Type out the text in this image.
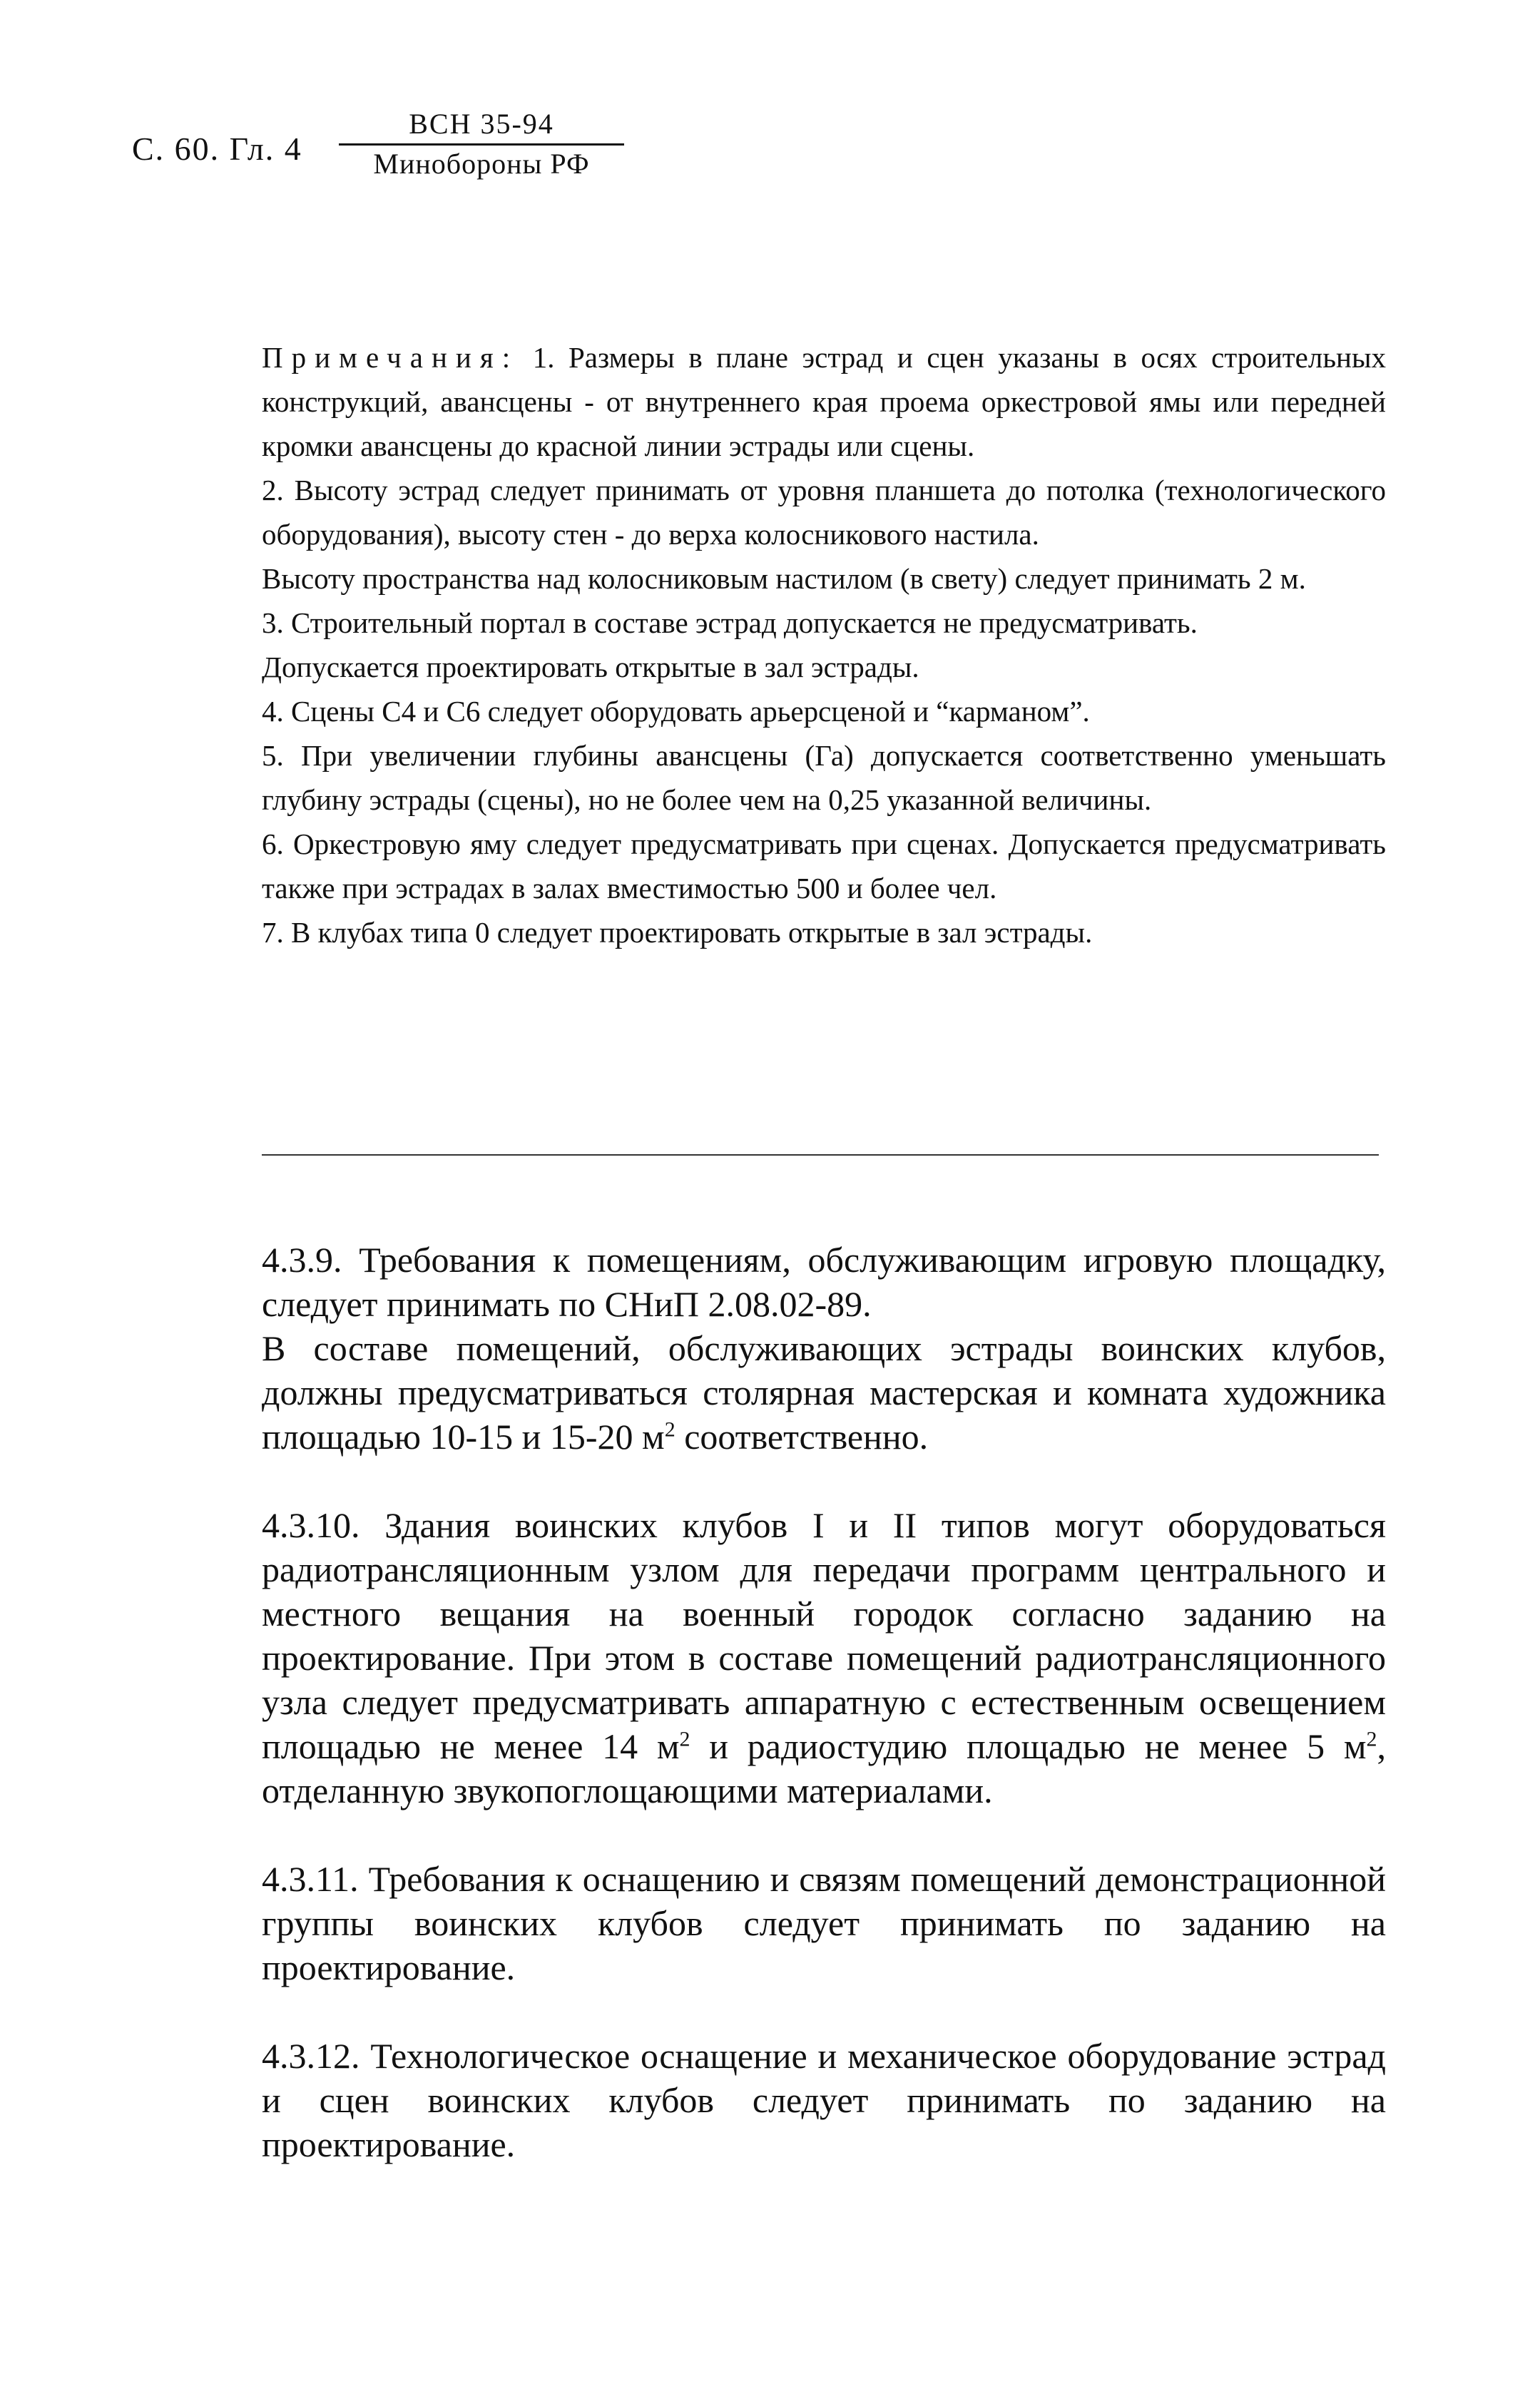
С. 60. Гл. 4
ВСН 35-94
Минобороны РФ

Примечания: 1. Размеры в плане эстрад и сцен указаны в осях строительных конструкций, авансцены - от внутреннего края проема оркестровой ямы или передней кромки авансцены до красной линии эстрады или сцены.

2. Высоту эстрад следует принимать от уровня планшета до потолка (технологического оборудования), высоту стен - до верха колосникового настила.

Высоту пространства над колосниковым настилом (в свету) следует принимать 2 м.

3. Строительный портал в составе эстрад допускается не предусматривать.

Допускается проектировать открытые в зал эстрады.

4. Сцены С4 и С6 следует оборудовать арьерсценой и “карманом”.

5. При увеличении глубины авансцены (Га) допускается соответственно уменьшать глубину эстрады (сцены), но не более чем на 0,25 указанной величины.

6. Оркестровую яму следует предусматривать при сценах. Допускается предусматривать также при эстрадах в залах вместимостью 500 и более чел.

7. В клубах типа 0 следует проектировать открытые в зал эстрады.

4.3.9. Требования к помещениям, обслуживающим игровую площадку, следует принимать по СНиП 2.08.02-89.

В составе помещений, обслуживающих эстрады воинских клубов, должны предусматриваться столярная мастерская и комната художника площадью 10-15 и 15-20 $м^2$ соответственно.

4.3.10. Здания воинских клубов I и II типов могут оборудоваться радиотрансляционным узлом для передачи программ центрального и местного вещания на военный городок согласно заданию на проектирование. При этом в составе помещений радиотрансляционного узла следует предусматривать аппаратную с естественным освещением площадью не менее 14 $м^2$ и радиостудию площадью не менее 5 $м^2$, отделанную звукопоглощающими материалами.

4.3.11. Требования к оснащению и связям помещений демонстрационной группы воинских клубов следует принимать по заданию на проектирование.

4.3.12. Технологическое оснащение и механическое оборудование эстрад и сцен воинских клубов следует принимать по заданию на проектирование.
